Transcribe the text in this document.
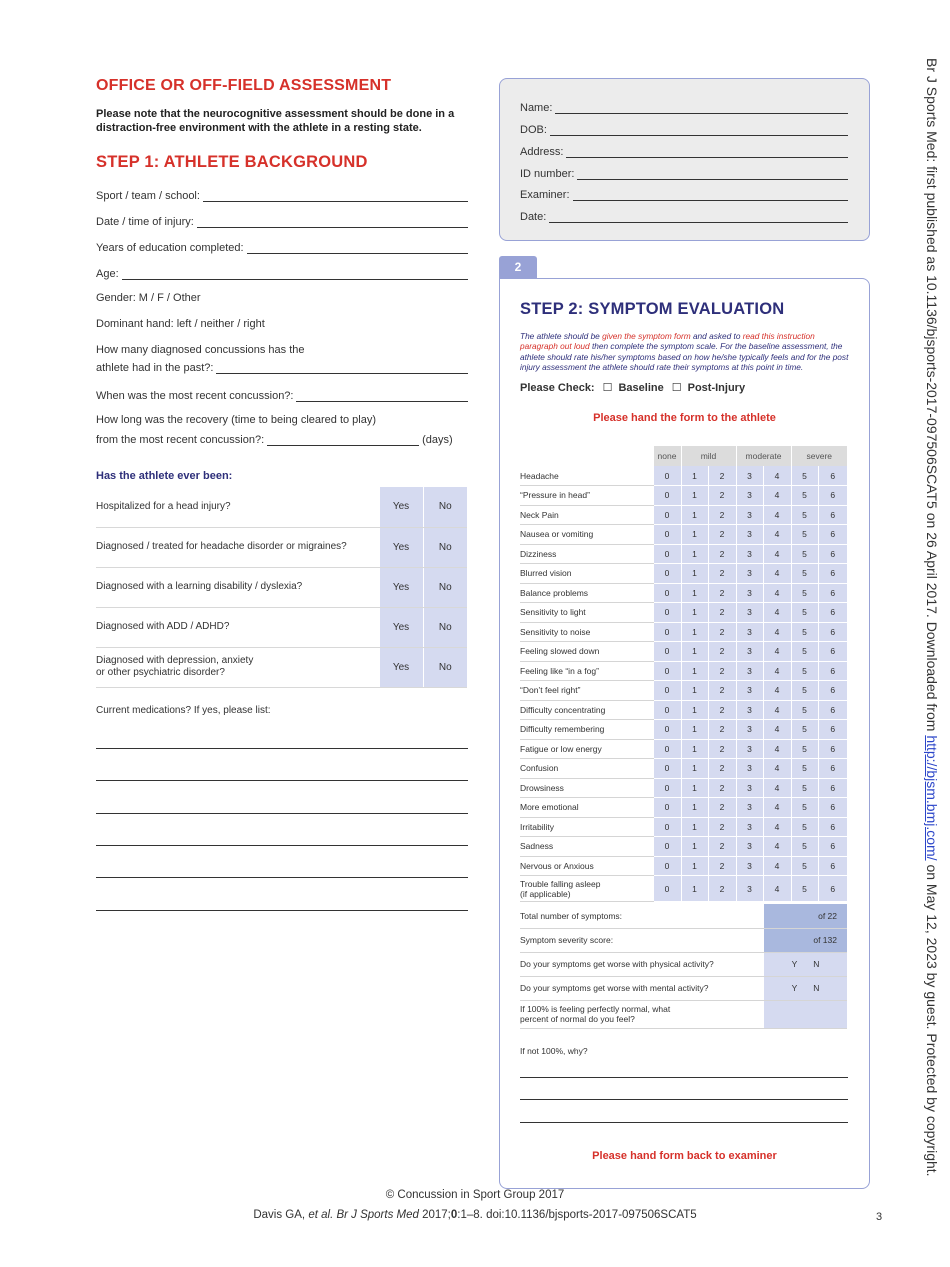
OFFICE OR OFF-FIELD ASSESSMENT
Please note that the neurocognitive assessment should be done in a distraction-free environment with the athlete in a resting state.
STEP 1: ATHLETE BACKGROUND
Sport / team / school:
Date / time of injury:
Years of education completed:
Age:
Gender: M / F / Other
Dominant hand: left / neither / right
How many diagnosed concussions has the
athlete had in the past?:
When was the most recent concussion?:
How long was the recovery (time to being cleared to play)
from the most recent concussion?:	(days)
Has the athlete ever been:
Hospitalized for a head injury?	Yes	No
Diagnosed / treated for headache disorder or migraines?	Yes	No
Diagnosed with a learning disability / dyslexia?	Yes	No
Diagnosed with ADD / ADHD?	Yes	No
Diagnosed with depression, anxiety
or other psychiatric disorder?	Yes	No
Current medications? If yes, please list:
Name:
DOB:
Address:
ID number:
Examiner:
Date:
2
STEP 2: SYMPTOM EVALUATION
The athlete should be given the symptom form and asked to read this instruction paragraph out loud then complete the symptom scale. For the baseline assessment, the athlete should rate his/her symptoms based on how he/she typically feels and for the post injury assessment the athlete should rate their symptoms at this point in time.
Please Check: ☐ Baseline ☐ Post-Injury
Please hand the form to the athlete
	none	mild		moderate		severe	
Headache	0	1	2	3	4	5	6
“Pressure in head”	0	1	2	3	4	5	6
Neck Pain	0	1	2	3	4	5	6
Nausea or vomiting	0	1	2	3	4	5	6
Dizziness	0	1	2	3	4	5	6
Blurred vision	0	1	2	3	4	5	6
Balance problems	0	1	2	3	4	5	6
Sensitivity to light	0	1	2	3	4	5	6
Sensitivity to noise	0	1	2	3	4	5	6
Feeling slowed down	0	1	2	3	4	5	6
Feeling like “in a fog”	0	1	2	3	4	5	6
“Don’t feel right”	0	1	2	3	4	5	6
Difficulty concentrating	0	1	2	3	4	5	6
Difficulty remembering	0	1	2	3	4	5	6
Fatigue or low energy	0	1	2	3	4	5	6
Confusion	0	1	2	3	4	5	6
Drowsiness	0	1	2	3	4	5	6
More emotional	0	1	2	3	4	5	6
Irritability	0	1	2	3	4	5	6
Sadness	0	1	2	3	4	5	6
Nervous or Anxious	0	1	2	3	4	5	6
Trouble falling asleep
(if applicable)	0	1	2	3	4	5	6
Total number of symptoms:	of 22
Symptom severity score:	of 132
Do your symptoms get worse with physical activity?	Y N
Do your symptoms get worse with mental activity?	Y N
If 100% is feeling perfectly normal, what
percent of normal do you feel?	
If not 100%, why?
Please hand form back to examiner
© Concussion in Sport Group 2017
Davis GA, et al. Br J Sports Med 2017;0:1–8. doi:10.1136/bjsports-2017-097506SCAT5	3
Br J Sports Med: first published as 10.1136/bjsports-2017-097506SCAT5 on 26 April 2017. Downloaded from http://bjsm.bmj.com/ on May 12, 2023 by guest. Protected by copyright.
